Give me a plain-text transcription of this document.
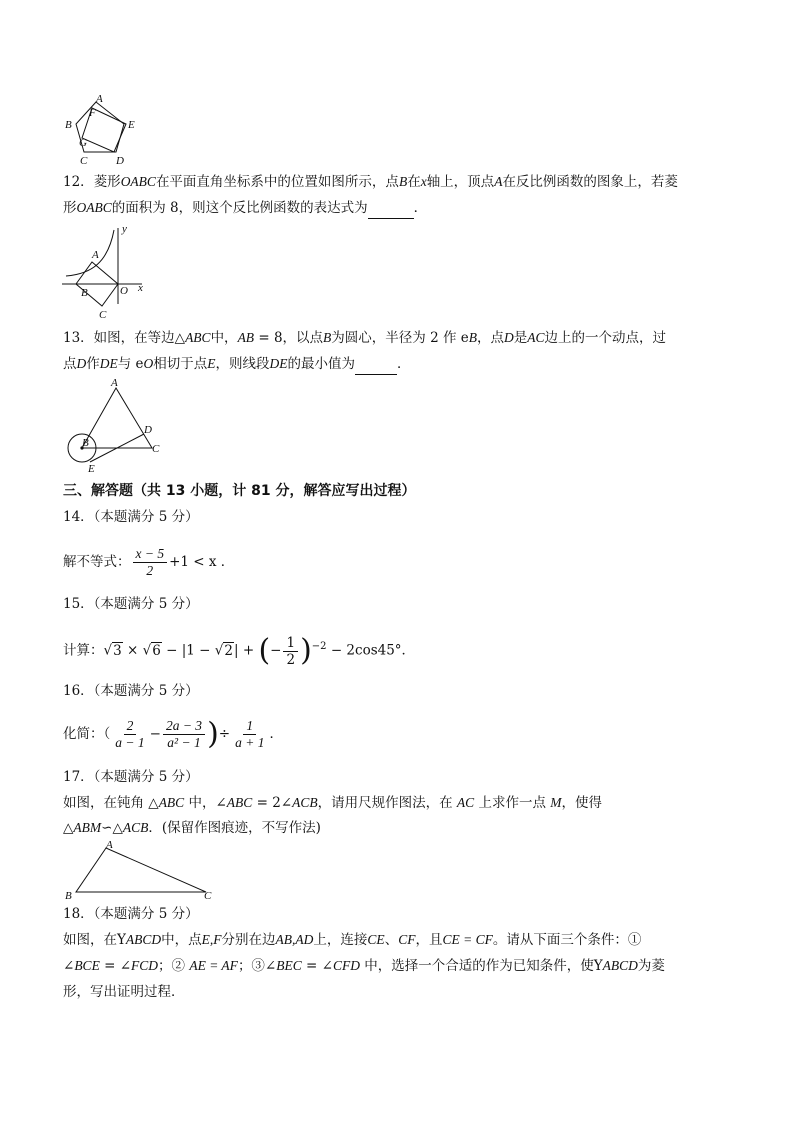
A
B
C	D
E
F
G
12．菱形OABC在平面直角坐标系中的位置如图所示，点B在x轴上，顶点A在反比例函数的图象上，若菱
形OABC的面积为 8，则这个反比例函数的表达式为	．
y
A
B	O x
C
13．如图，在等边△ABC中，AB = 8，以点B为圆心，半径为 2 作 eB，点D是AC边上的一个动点，过
点D作DE与 eO相切于点E，则线段DE的最小值为	．
A
B
D
C
E
三、解答题（共 13 小题，计 81 分，解答应写出过程）
14．（本题满分 5 分）
解不等式： $\frac{x - 5}{2} +1 < x$ ．
15．（本题满分 5 分）
计算：√3 × √6 − |1 − √2| + (− $\frac{1}{2} )^{-2} - 2\cos 45^\circ$．
16．（本题满分 5 分）
化简：（ $\frac{2}{a - 1} - \frac{2a - 3}{\text{a² − 1}}$ )÷ $\frac{1}{a + 1}$ ．
17．（本题满分 5 分）
如图，在钝角 △ABC 中，∠ABC = 2∠ACB，请用尺规作图法，在 AC 上求作一点 M，使得
△ABM∽△ACB．(保留作图痕迹，不写作法)
A
B	C
18．（本题满分 5 分）
如图，在YABCD中，点E,F分别在边AB,AD上，连接CE、CF，且CE = CF。请从下面三个条件：①
∠BCE = ∠FCD；② AE = AF；③∠BEC = ∠CFD 中，选择一个合适的作为已知条件，使YABCD为菱
形，写出证明过程．
